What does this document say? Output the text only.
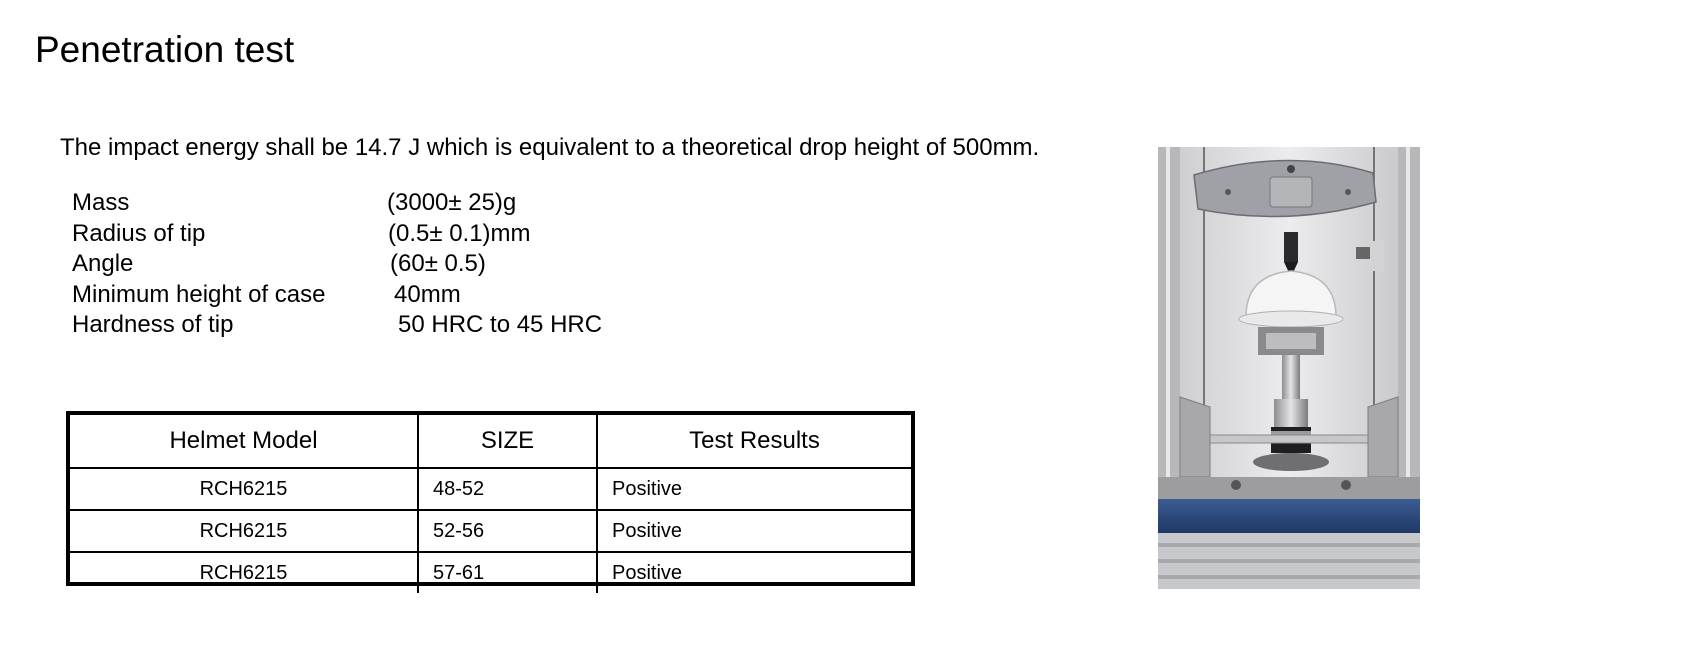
Penetration test
The impact energy shall be 14.7 J which is equivalent to a theoretical drop height of 500mm.
Mass	(3000± 25)g
Radius of tip	(0.5± 0.1)mm
Angle	(60± 0.5)
Minimum height of case	40mm
Hardness of tip	50 HRC to 45 HRC
Helmet Model	SIZE	Test Results
RCH6215	48-52	Positive
RCH6215	52-56	Positive
RCH6215	57-61	Positive
